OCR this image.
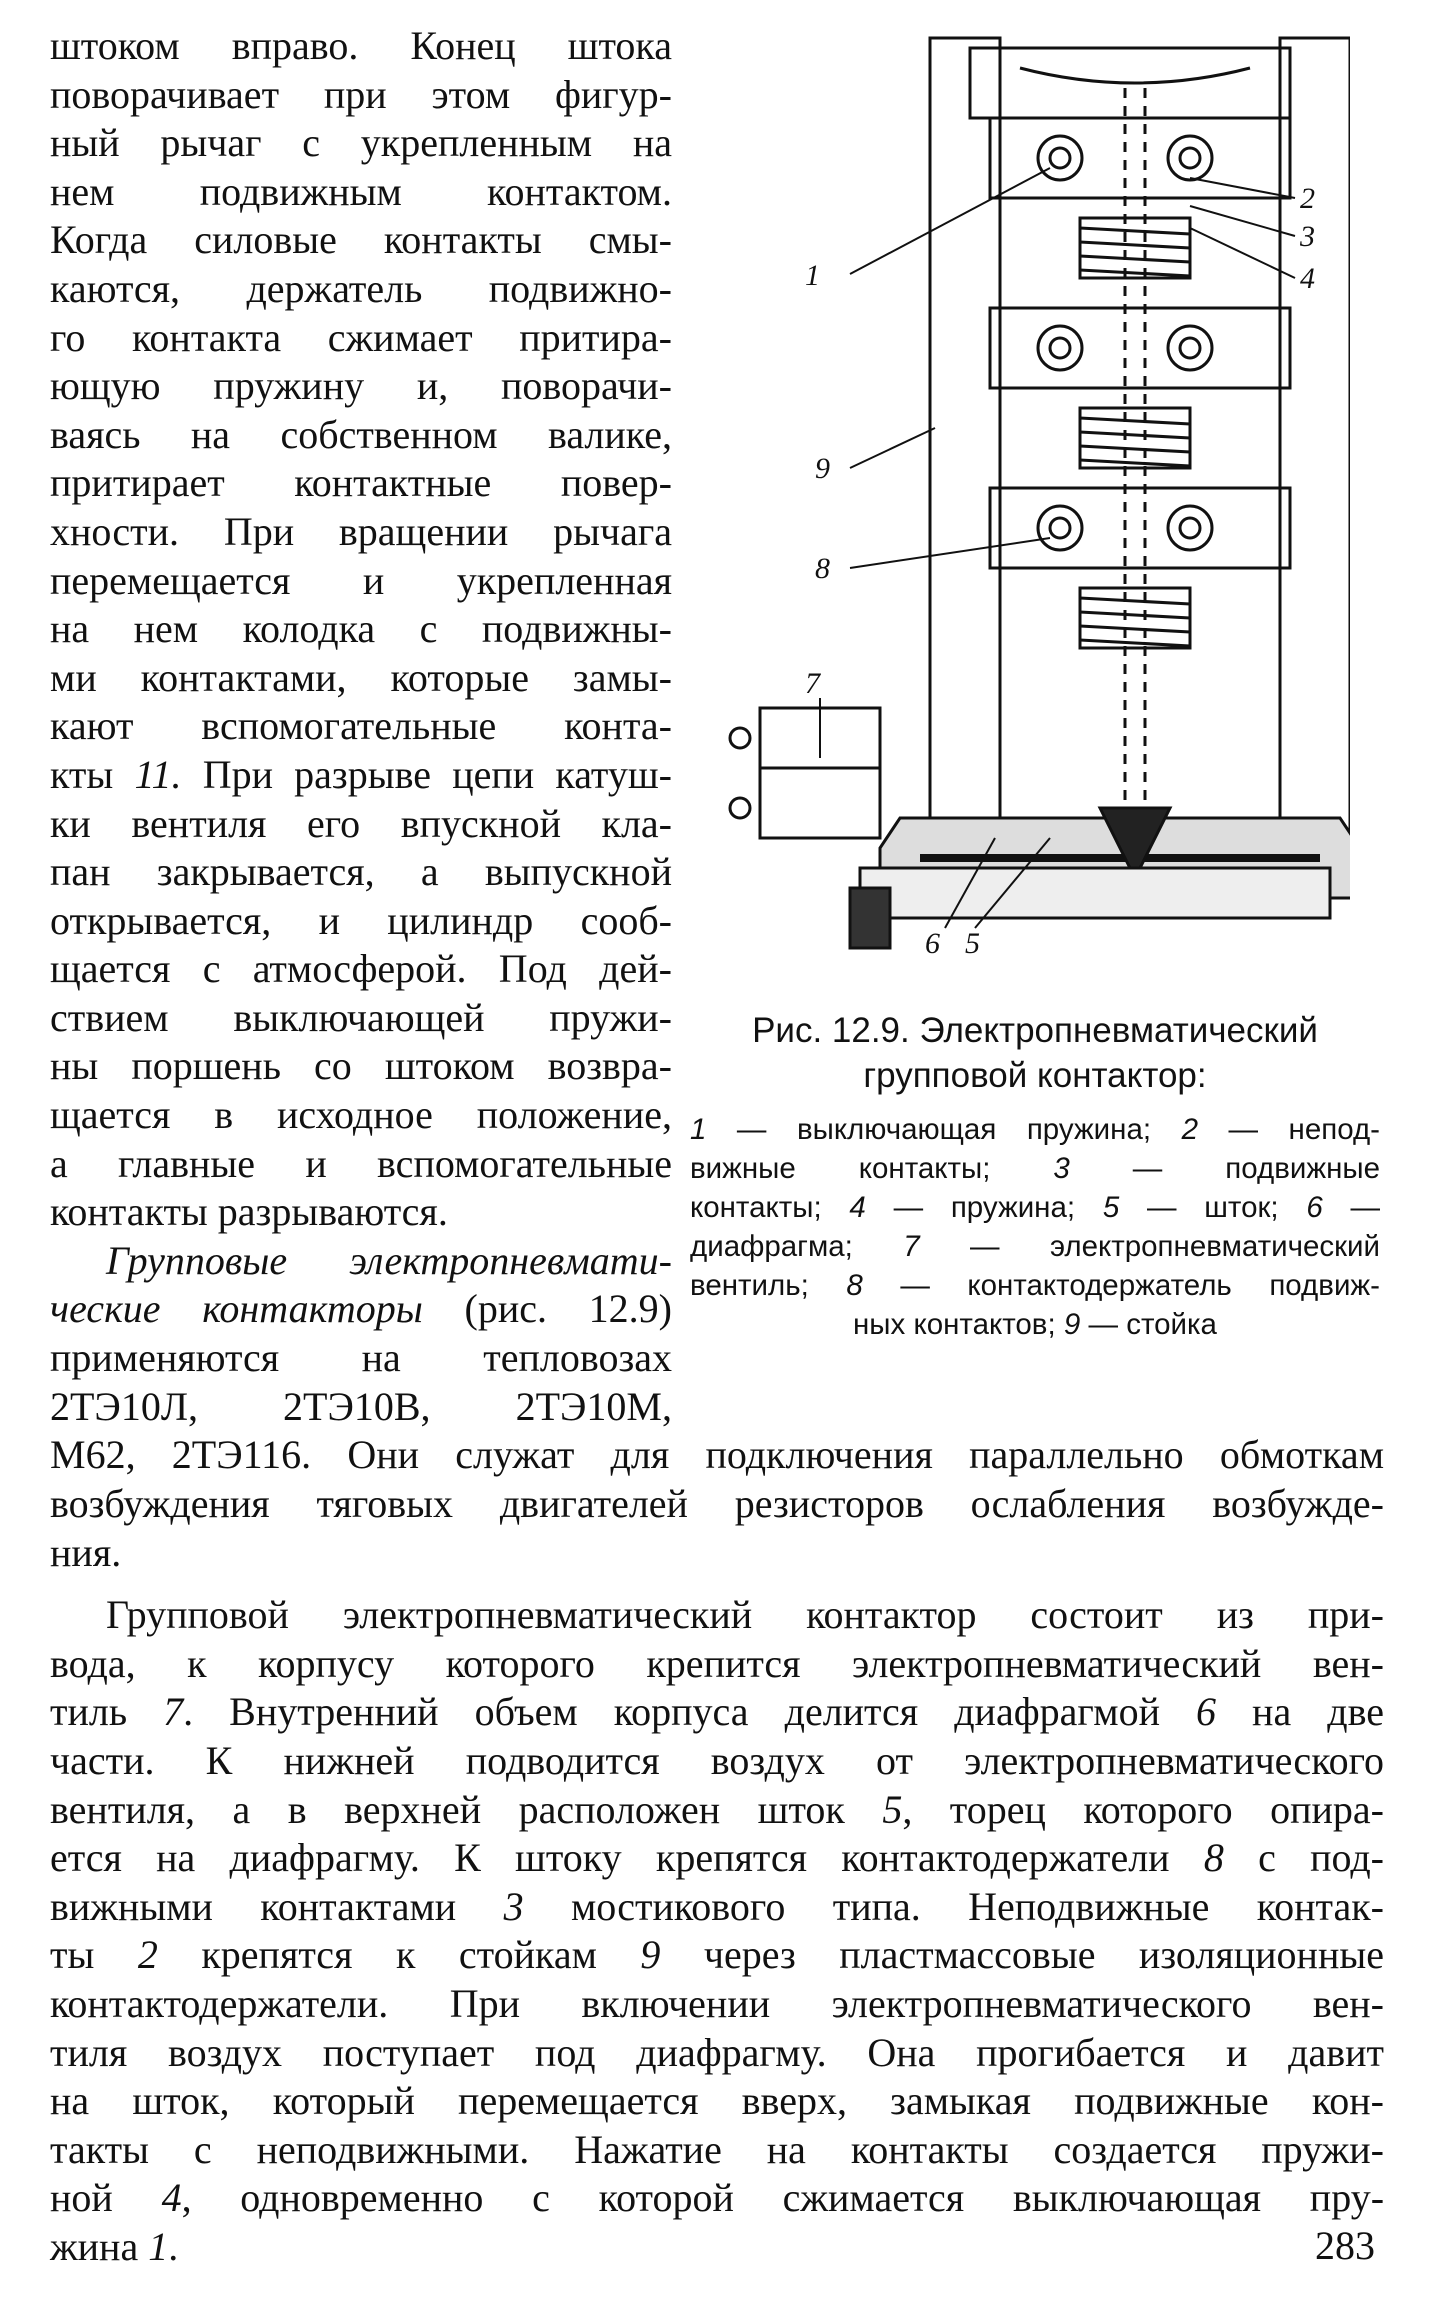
штоком вправо. Конец штока
поворачивает при этом фигур-
ный рычаг с укрепленным на
нем подвижным контактом.
Когда силовые контакты смы-
каются, держатель подвижно-
го контакта сжимает притира-
ющую пружину и, поворачи-
ваясь на собственном валике,
притирает контактные повер-
хности. При вращении рычага
перемещается и укрепленная
на нем колодка с подвижны-
ми контактами, которые замы-
кают вспомогательные конта-
кты 11. При разрыве цепи катуш-
ки вентиля его впускной кла-
пан закрывается, а выпускной
открывается, и цилиндр сооб-
щается с атмосферой. Под дей-
ствием выключающей пружи-
ны поршень со штоком возвра-
щается в исходное положение,
а главные и вспомогательные
контакты разрываются.
Групповые электропневмати-
ческие контакторы (рис. 12.9)
применяются на тепловозах
2ТЭ10Л, 2ТЭ10В, 2ТЭ10М,
1
2
3
4
9
8
7
6 5
Рис. 12.9. Электропневматический
групповой контактор:
1 — выключающая пружина; 2 — непод-
вижные контакты; 3 — подвижные
контакты; 4 — пружина; 5 — шток; 6 —
диафрагма; 7 — электропневматический
вентиль; 8 — контактодержатель подвиж-
ных контактов; 9 — стойка
М62, 2ТЭ116. Они служат для подключения параллельно обмоткам
возбуждения тяговых двигателей резисторов ослабления возбужде-
ния.
Групповой электропневматический контактор состоит из при-
вода, к корпусу которого крепится электропневматический вен-
тиль 7. Внутренний объем корпуса делится диафрагмой 6 на две
части. К нижней подводится воздух от электропневматического
вентиля, а в верхней расположен шток 5, торец которого опира-
ется на диафрагму. К штоку крепятся контактодержатели 8 с под-
вижными контактами 3 мостикового типа. Неподвижные контак-
ты 2 крепятся к стойкам 9 через пластмассовые изоляционные
контактодержатели. При включении электропневматического вен-
тиля воздух поступает под диафрагму. Она прогибается и давит
на шток, который перемещается вверх, замыкая подвижные кон-
такты с неподвижными. Нажатие на контакты создается пружи-
ной 4, одновременно с которой сжимается выключающая пру-
жина 1.	283
